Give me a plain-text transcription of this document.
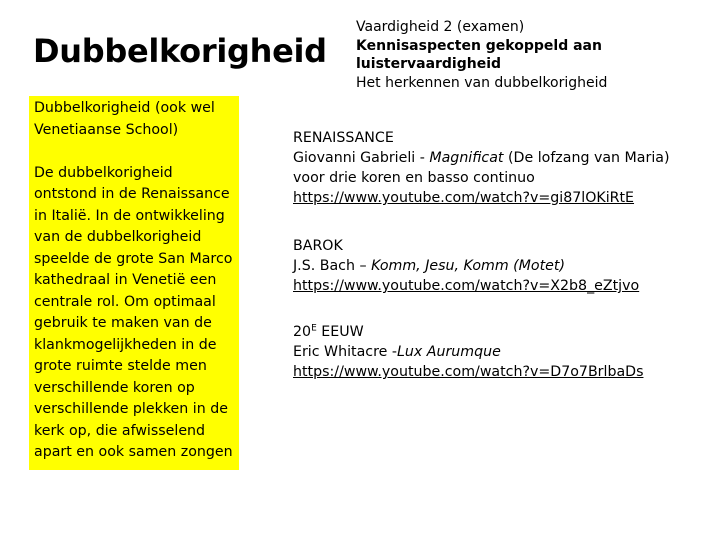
Dubbelkorigheid

Dubbelkorigheid (ook wel Venetiaanse School)

De dubbelkorigheid ontstond in de Renaissance in Italië. In de ontwikkeling van de dubbelkorigheid speelde de grote San Marco kathedraal in Venetië een centrale rol. Om optimaal gebruik te maken van de klankmogelijkheden in de grote ruimte stelde men verschillende koren op verschillende plekken in de kerk op, die afwisselend apart en ook samen zongen

Vaardigheid 2 (examen)
Kennisaspecten gekoppeld aan
luistervaardigheid
Het herkennen van dubbelkorigheid
RENAISSANCE
Giovanni Gabrieli - Magnificat (De lofzang van Maria)
voor drie koren en basso continuo
https://www.youtube.com/watch?v=gi87lOKiRtE
BAROK
J.S. Bach – Komm, Jesu, Komm (Motet)
https://www.youtube.com/watch?v=X2b8_eZtjvo
$20^E$ EEUW
Eric Whitacre -Lux Aurumque
https://www.youtube.com/watch?v=D7o7BrlbaDs
